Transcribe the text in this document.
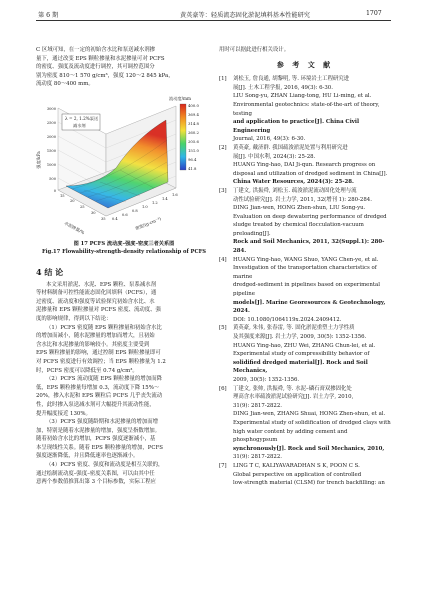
第 6 期	黄英豪等：轻质流态固化淤泥填料基本性能研究	1707

C 区域可知，在一定的初始含水比和泵送减水剂掺

量下，通过改变 EPS 颗粒掺量和水泥掺量可对 PCFS

的密度、强度及流动度进行调控，其可调控范围分

别为密度 810～1 570 g/cm³，强度 120～2 845 kPa，

流动度 80～400 mm。

λ = 2, 1.2%泵送
减水剂
3000
2500
2000
1500
1000
500
0
强度/kPa
15
20
25
30
35
水泥掺量/%
0.4
0.6
0.8
1.0
1.2
1.4
1.6
密度/(g·cm⁻³)
流动度/mm
400.0
369.4
314.8
260.2
205.6
151.0
96.4
41.8
图 17 PCFS 流动度–强度–密度三者关系图
Fig.17 Flowability-strength-density relationship of PCFS
4 结 论

本文采用淤泥、水泥、EPS 颗粒、泵系减水剂

等材料制备可控性能流态固化回填料（PCFS），通

过密度、流动度和强度等试验探究初始含水比、水

泥掺量和 EPS 颗粒掺量对 PCFS 密度、流动度、强

度的影响规律，得到以下结论：

（1）PCFS 密度随 EPS 颗粒掺量和初始含水比

的增加而减小，随水泥掺量的增加而增大，且初始

含水比和水泥掺量的影响较小。其密度主要受到

EPS 颗粒掺量的影响，通过控制 EPS 颗粒掺量即可

对 PCFS 密度进行有效调控；当 EPS 颗粒掺量为 1.2

时，PCFS 密度可以降低至 0.74 g/cm³。

（2）PCFS 流动度随 EPS 颗粒掺量的增加而降

低，EPS 颗粒掺量每增加 0.3，流动度下降 15%～

20%，掺入水泥和 EPS 颗粒后 PCFS 几乎丧失流动

性，此时掺入泵送减水剂可大幅提升其流动性能，

提升幅度接近 130%。

（3）PCFS 强度随龄期和水泥掺量的增加而增

加，特别是随着水泥掺量的增加，强度呈指数增加。

随着初始含水比的增加，PCFS 强度逐渐减小，基

本呈现线性关系。随着 EPS 颗粒掺量的增加，PCFS

强度逐渐降低，并且降低速率也逐渐减小。

（4）PCFS 密度、强度和流动度是相互关联的，

通过绘制流动度–强度–密度关系图，可以由其中任

意两个参数值推算出第 3 个目标参数，实际工程应

用时可以据此进行相关设计。

参 考 文 献
[1]	刘松玉, 詹良通, 胡黎明, 等. 环境岩土工程研究进

展[J]. 土木工程学报, 2016, 49(3): 6-30.

LIU Song-yu, ZHAN Liang-tong, HU Li-ming, et al.

Environmental geotechnics: state-of-the-art of theory, testing

and application to practice[J]. China Civil Engineering

Journal, 2016, 49(3): 6-30.

[2]	黄英豪, 戴济群. 我国疏浚淤泥处置与利用研究进

展[J]. 中国水利, 2024(3): 25-28.

HUANG Ying-hao, DAI Ji-qun. Research progress on

disposal and utilization of dredged sediment in China[J].

China Water Resources, 2024(3): 25-28.

[3]	丁建文, 洪振舜, 刘松玉. 疏浚淤泥流动固化处理与流

动性试验研究[J]. 岩土力学, 2011, 32(增刊 1): 280-284.

DING Jian-wen, HONG Zhen-shun, LIU Song-yu.

Evaluation on deep dewatering performance of dredged

sludge treated by chemical flocculation-vacuum preloading[J].

Rock and Soil Mechanics, 2011, 32(Suppl.1): 280-284.

[4]	HUANG Ying-hao, WANG Shuo, YANG Chen-ye, et al.

Investigation of the transportation characteristics of marine

dredged-sediment in pipelines based on experimental pipeline

models[J]. Marine Georesources & Geotechnology, 2024.

DOI: 10.1080/1064119x.2024.2409412.

[5]	黄英豪, 朱伟, 张春雷, 等. 固化淤泥重塑土力学性质

及其强度来源[J]. 岩土力学, 2009, 30(5): 1352-1356.

HUANG Ying-hao, ZHU Wei, ZHANG Chun-lei, et al.

Experimental study of compressibility behavior of

solidified dredged material[J]. Rock and Soil Mechanics,

2009, 30(5): 1352-1356.

[6]	丁建文, 张帅, 洪振舜, 等. 水泥–磷石膏双掺固化处

理高含水率疏浚淤泥试验研究[J]. 岩土力学, 2010,

31(9): 2817-2822.

DING Jian-wen, ZHANG Shuai, HONG Zhen-shun, et al.

Experimental study of solidification of dredged clays with

high water content by adding cement and phosphogypsum

synchronously[J]. Rock and Soil Mechanics, 2010,

31(9): 2817-2822.

[7]	LING T C, KALIYAVARADHAN S K, POON C S.

Global perspective on application of controlled

low-strength material (CLSM) for trench backfilling: an
